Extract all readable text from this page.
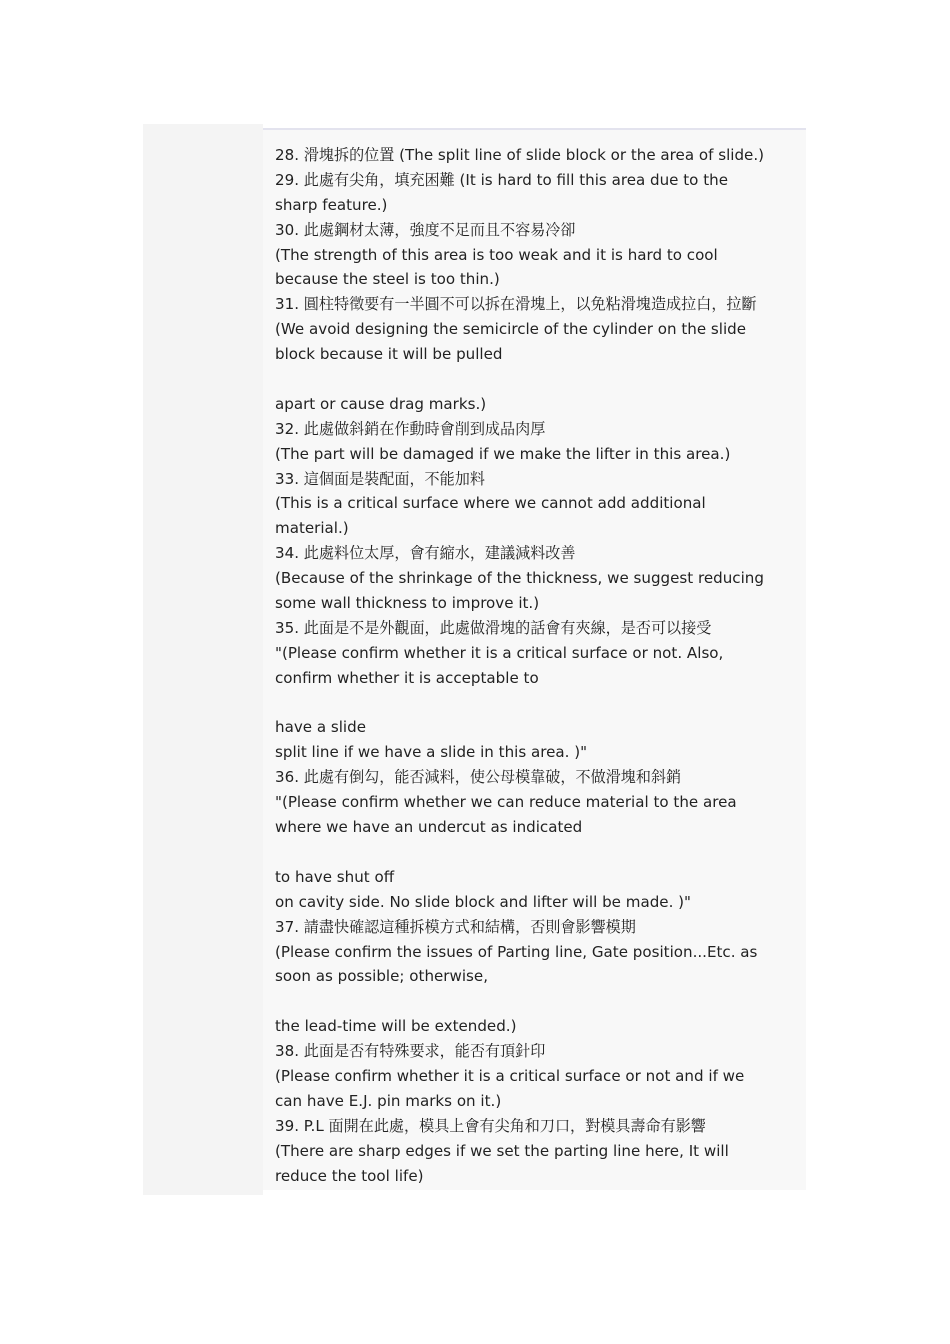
28. 滑塊拆的位置 (The split line of slide block or the area of slide.)
29. 此處有尖角，填充困難 (It is hard to fill this area due to the
sharp feature.)
30. 此處鋼材太薄，強度不足而且不容易冷卻
(The strength of this area is too weak and it is hard to cool
because the steel is too thin.)
31. 圓柱特徵要有一半圓不可以拆在滑塊上，以免粘滑塊造成拉白，拉斷
(We avoid designing the semicircle of the cylinder on the slide
block because it will be pulled
apart or cause drag marks.)
32. 此處做斜銷在作動時會削到成品肉厚
(The part will be damaged if we make the lifter in this area.)
33. 這個面是裝配面，不能加料
(This is a critical surface where we cannot add additional
material.)
34. 此處料位太厚，會有縮水，建議減料改善
(Because of the shrinkage of the thickness, we suggest reducing
some wall thickness to improve it.)
35. 此面是不是外觀面，此處做滑塊的話會有夾線，是否可以接受
"(Please confirm whether it is a critical surface or not. Also,
confirm whether it is acceptable to
have a slide
split line if we have a slide in this area. )"
36. 此處有倒勾，能否減料，使公母模靠破，不做滑塊和斜銷
"(Please confirm whether we can reduce material to the area
where we have an undercut as indicated
to have shut off
on cavity side. No slide block and lifter will be made. )"
37. 請盡快確認這種拆模方式和結構，否則會影響模期
(Please confirm the issues of Parting line, Gate position...Etc. as
soon as possible; otherwise,
the lead-time will be extended.)
38. 此面是否有特殊要求，能否有頂針印
(Please confirm whether it is a critical surface or not and if we
can have E.J. pin marks on it.)
39. P.L 面開在此處，模具上會有尖角和刀口，對模具壽命有影響
(There are sharp edges if we set the parting line here, It will
reduce the tool life)
